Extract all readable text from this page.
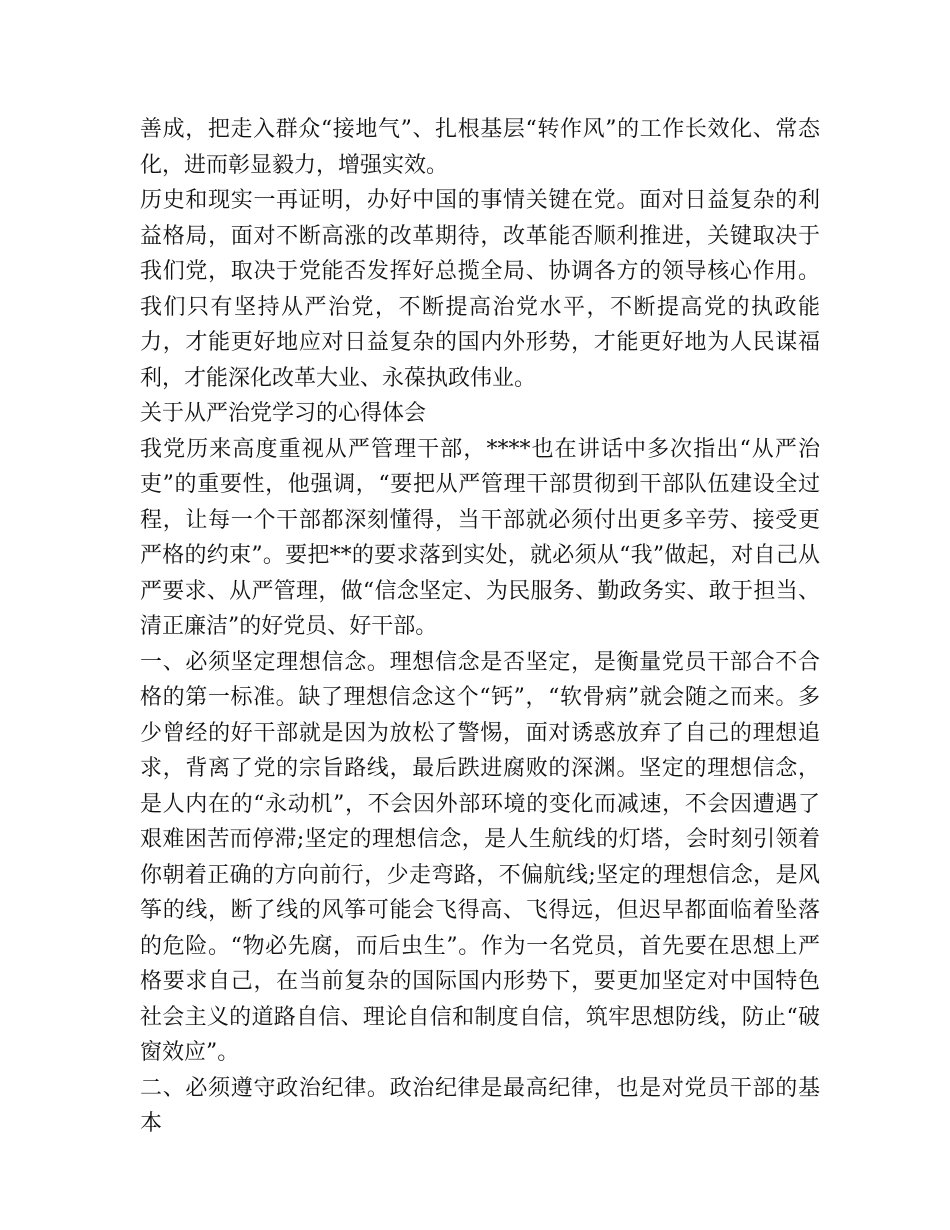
善成，把走入群众“接地气”、扎根基层“转作风”的工作长效化、常态化，进而彰显毅力，增强实效。

历史和现实一再证明，办好中国的事情关键在党。面对日益复杂的利益格局，面对不断高涨的改革期待，改革能否顺利推进，关键取决于我们党，取决于党能否发挥好总揽全局、协调各方的领导核心作用。我们只有坚持从严治党，不断提高治党水平，不断提高党的执政能力，才能更好地应对日益复杂的国内外形势，才能更好地为人民谋福利，才能深化改革大业、永葆执政伟业。

关于从严治党学习的心得体会

我党历来高度重视从严管理干部，****也在讲话中多次指出“从严治吏”的重要性，他强调，“要把从严管理干部贯彻到干部队伍建设全过程，让每一个干部都深刻懂得，当干部就必须付出更多辛劳、接受更严格的约束”。要把**的要求落到实处，就必须从“我”做起，对自己从严要求、从严管理，做“信念坚定、为民服务、勤政务实、敢于担当、清正廉洁”的好党员、好干部。

一、必须坚定理想信念。理想信念是否坚定，是衡量党员干部合不合格的第一标准。缺了理想信念这个“钙”，“软骨病”就会随之而来。多少曾经的好干部就是因为放松了警惕，面对诱惑放弃了自己的理想追求，背离了党的宗旨路线，最后跌进腐败的深渊。坚定的理想信念，是人内在的“永动机”，不会因外部环境的变化而减速，不会因遭遇了艰难困苦而停滞;坚定的理想信念，是人生航线的灯塔，会时刻引领着你朝着正确的方向前行，少走弯路，不偏航线;坚定的理想信念，是风筝的线，断了线的风筝可能会飞得高、飞得远，但迟早都面临着坠落的危险。“物必先腐，而后虫生”。作为一名党员，首先要在思想上严格要求自己，在当前复杂的国际国内形势下，要更加坚定对中国特色社会主义的道路自信、理论自信和制度自信，筑牢思想防线，防止“破窗效应”。

二、必须遵守政治纪律。政治纪律是最高纪律，也是对党员干部的基本
